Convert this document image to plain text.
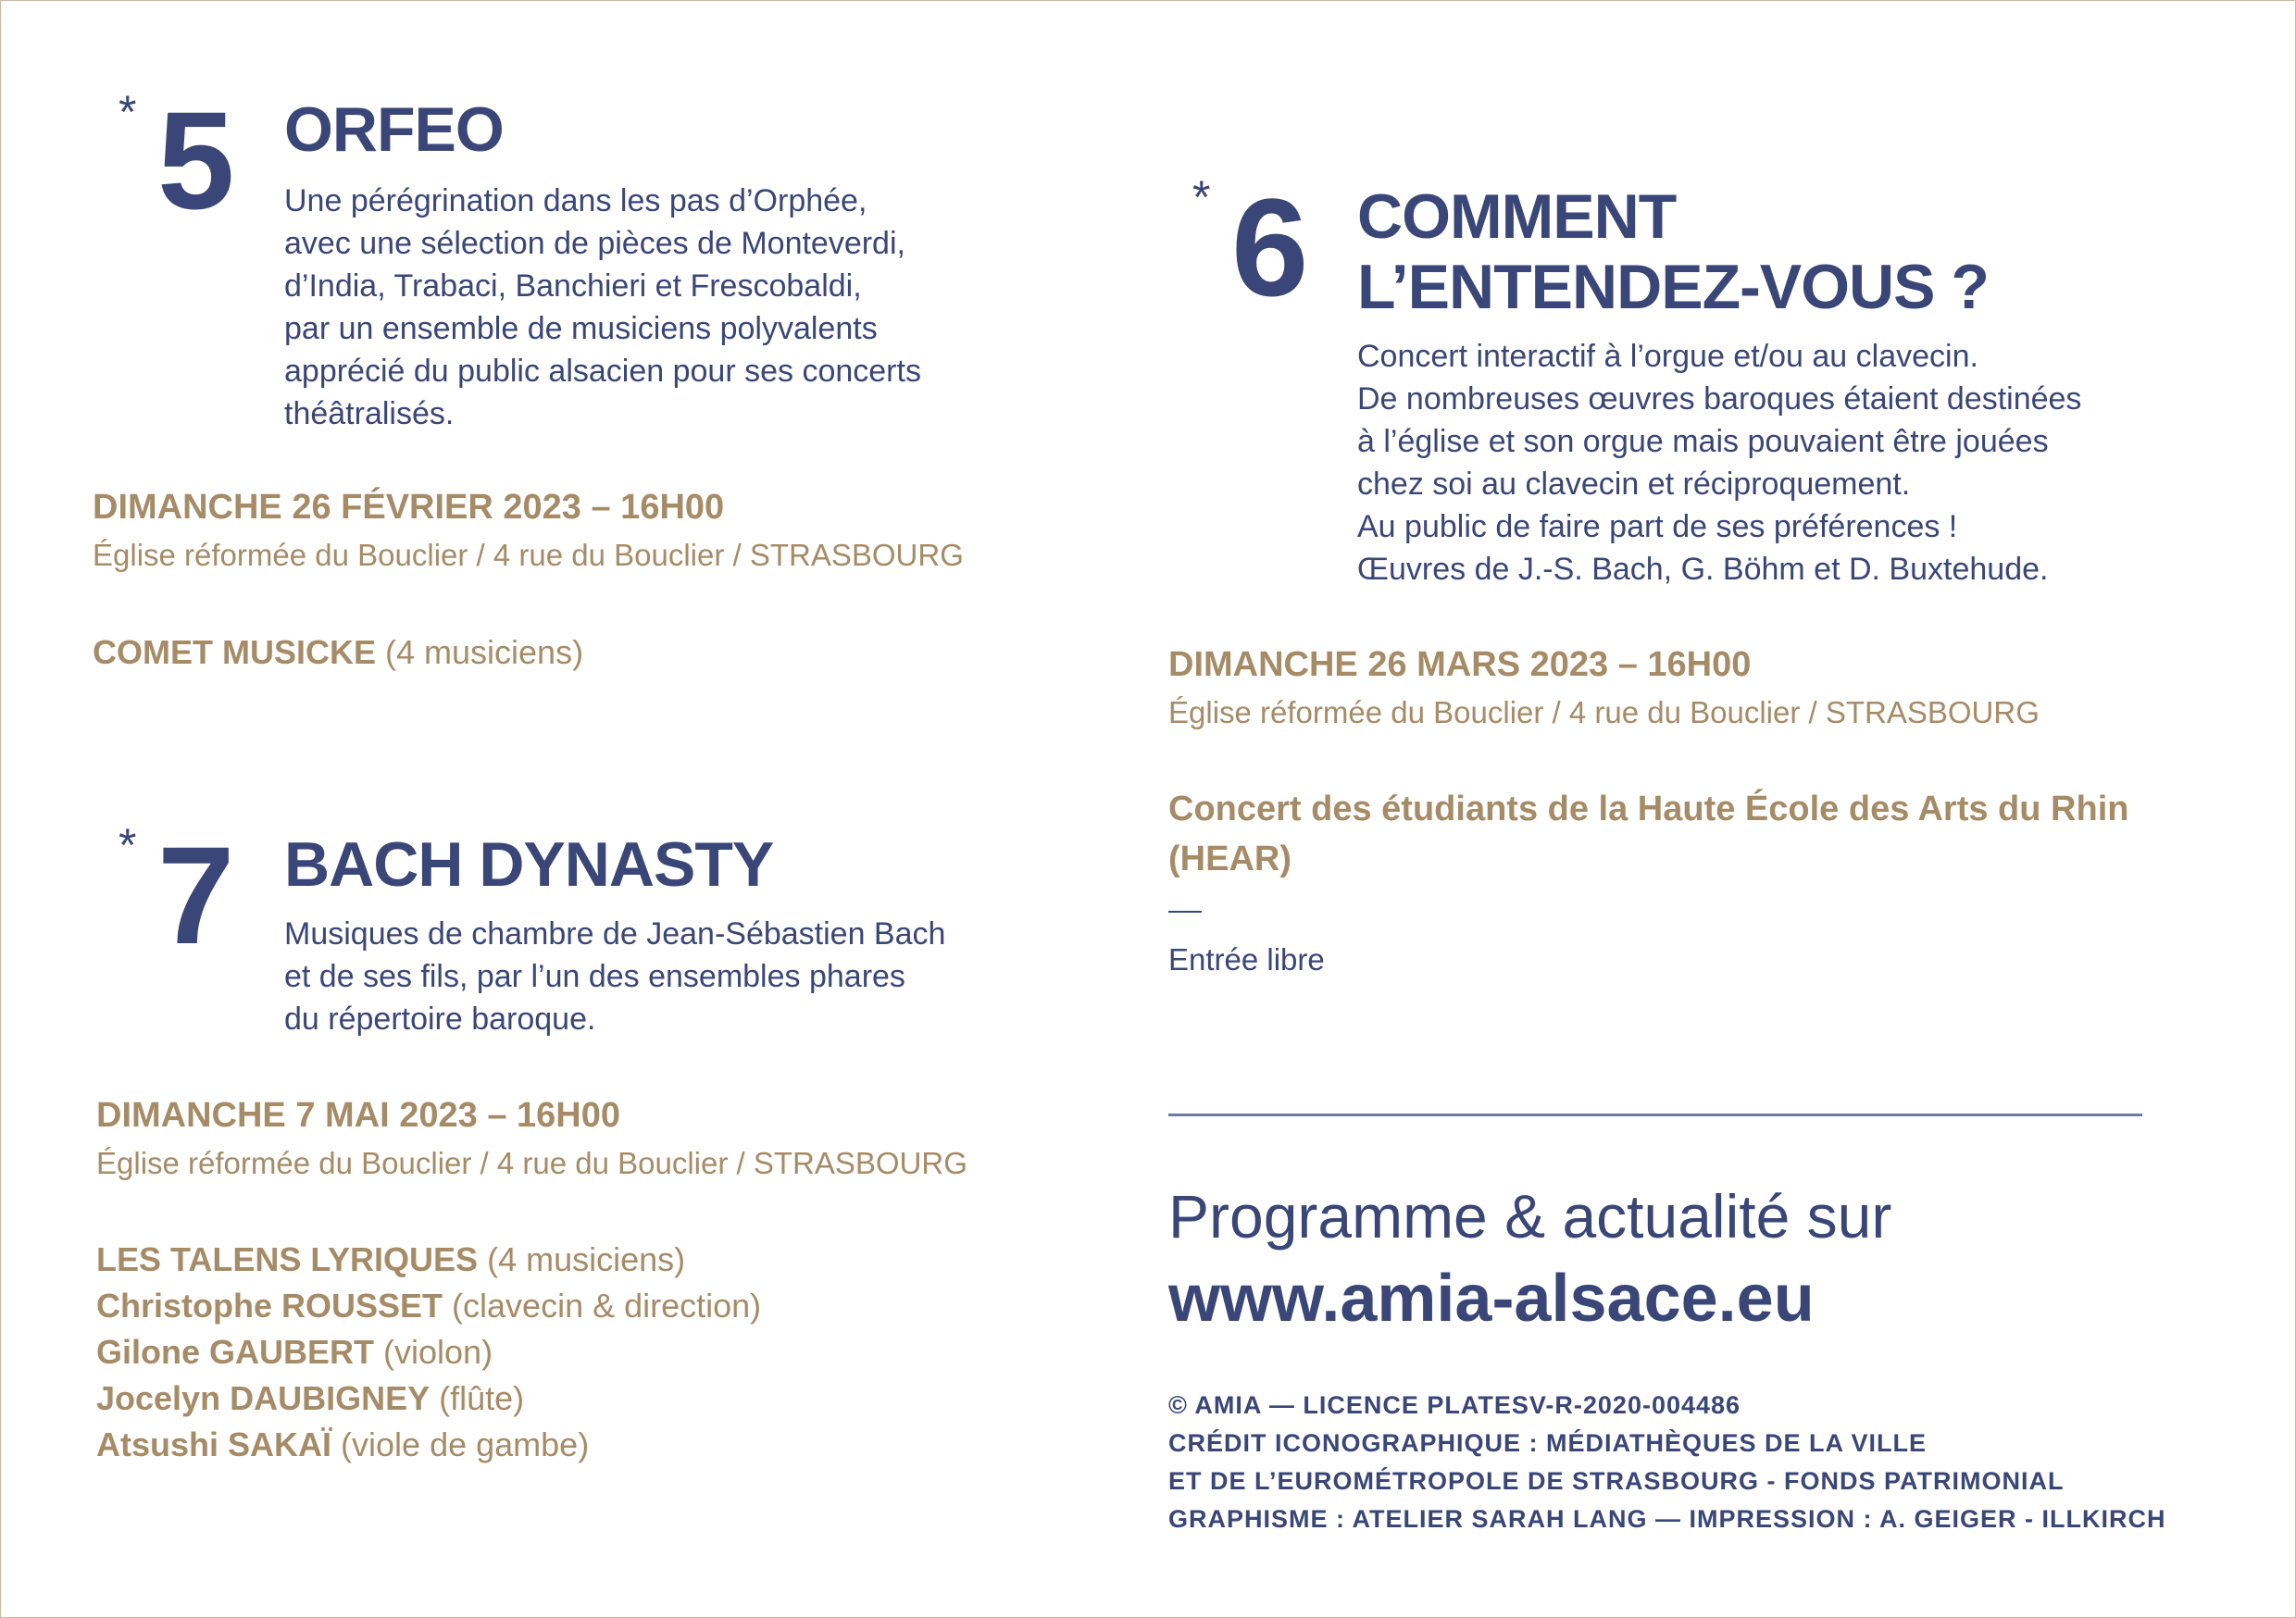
* 5 ORFEO
Une pérégrination dans les pas d’Orphée,
avec une sélection de pièces de Monteverdi,
d’India, Trabaci, Banchieri et Frescobaldi,
par un ensemble de musiciens polyvalents
apprécié du public alsacien pour ses concerts
théâtralisés.
DIMANCHE 26 FÉVRIER 2023 – 16H00
Église réformée du Bouclier / 4 rue du Bouclier / STRASBOURG
COMET MUSICKE (4 musiciens)
* 6 COMMENT
L’ENTENDEZ-VOUS ?
Concert interactif à l’orgue et/ou au clavecin.
De nombreuses œuvres baroques étaient destinées
à l’église et son orgue mais pouvaient être jouées
chez soi au clavecin et réciproquement.
Au public de faire part de ses préférences !
Œuvres de J.-S. Bach, G. Böhm et D. Buxtehude.
DIMANCHE 26 MARS 2023 – 16H00
Église réformée du Bouclier / 4 rue du Bouclier / STRASBOURG
Concert des étudiants de la Haute École des Arts du Rhin
(HEAR)
Entrée libre
* 7 BACH DYNASTY
Musiques de chambre de Jean-Sébastien Bach
et de ses fils, par l’un des ensembles phares
du répertoire baroque.
DIMANCHE 7 MAI 2023 – 16H00
Église réformée du Bouclier / 4 rue du Bouclier / STRASBOURG
LES TALENS LYRIQUES (4 musiciens)
Christophe ROUSSET (clavecin & direction)
Gilone GAUBERT (violon)
Jocelyn DAUBIGNEY (flûte)
Atsushi SAKAÏ (viole de gambe)
Programme & actualité sur
www.amia-alsace.eu
© AMIA — LICENCE PLATESV-R-2020-004486
CRÉDIT ICONOGRAPHIQUE : MÉDIATHÈQUES DE LA VILLE
ET DE L’EUROMÉTROPOLE DE STRASBOURG - FONDS PATRIMONIAL
GRAPHISME : ATELIER SARAH LANG — IMPRESSION : A. GEIGER - ILLKIRCH
